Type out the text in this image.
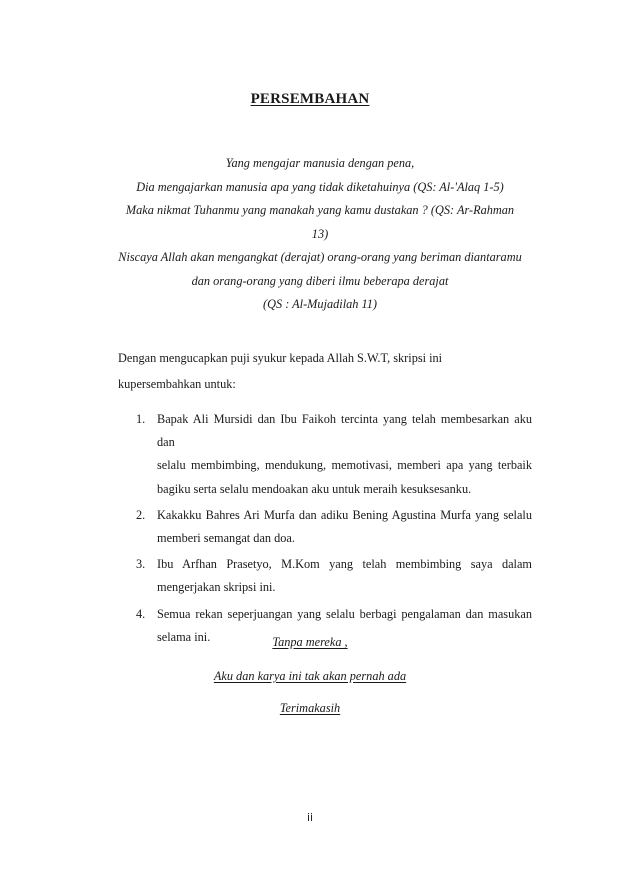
PERSEMBAHAN
Yang mengajar manusia dengan pena,
Dia mengajarkan manusia apa yang tidak diketahuinya (QS: Al-'Alaq 1-5)
Maka nikmat Tuhanmu yang manakah yang kamu dustakan ? (QS: Ar-Rahman
13)
Niscaya Allah akan mengangkat (derajat) orang-orang yang beriman diantaramu
dan orang-orang yang diberi ilmu beberapa derajat
(QS : Al-Mujadilah 11)
Dengan mengucapkan puji syukur kepada Allah S.W.T, skripsi ini
kupersembahkan untuk:
1. Bapak Ali Mursidi dan Ibu Faikoh tercinta yang telah membesarkan aku dan
selalu membimbing, mendukung, memotivasi, memberi apa yang terbaik
bagiku serta selalu mendoakan aku untuk meraih kesuksesanku.
2. Kakakku Bahres Ari Murfa dan adiku Bening Agustina Murfa yang selalu
memberi semangat dan doa.
3. Ibu Arfhan Prasetyo, M.Kom yang telah membimbing saya dalam
mengerjakan skripsi ini.
4. Semua rekan seperjuangan yang selalu berbagi pengalaman dan masukan
selama ini.	Tanpa mereka ,
Aku dan karya ini tak akan pernah ada
Terimakasih
ii
